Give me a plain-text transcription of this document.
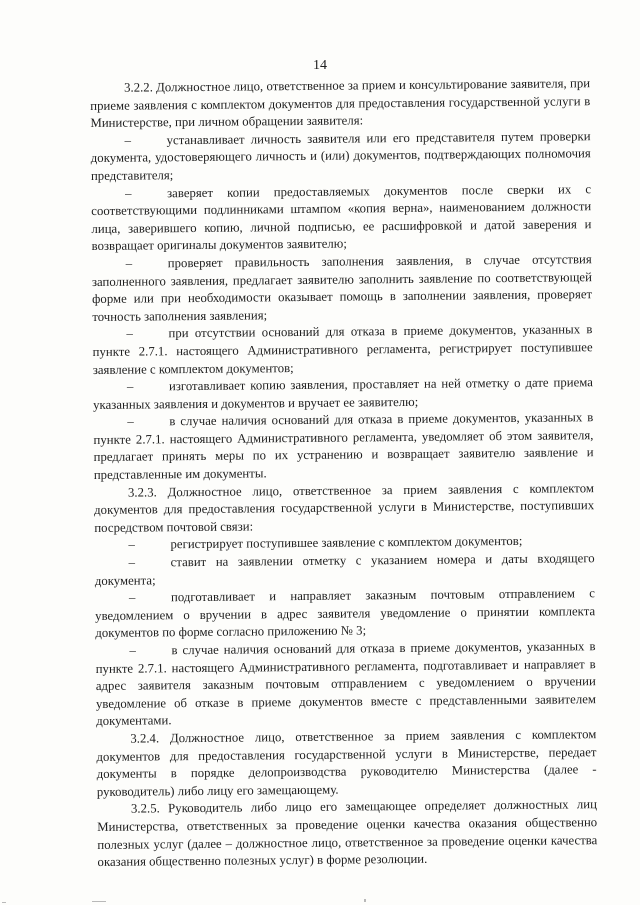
14

3.2.2. Должностное лицо, ответственное за прием и консультирование заявителя, при приеме заявления с комплектом документов для предоставления государственной услуги в Министерстве, при личном обращении заявителя:

–	устанавливает личность заявителя или его представителя путем проверки документа, удостоверяющего личность и (или) документов, подтверждающих полномочия представителя;

–	заверяет копии предоставляемых документов после сверки их с соответствующими подлинниками штампом «копия верна», наименованием должности лица, заверившего копию, личной подписью, ее расшифровкой и датой заверения и возвращает оригиналы документов заявителю;

–	проверяет правильность заполнения заявления, в случае отсутствия заполненного заявления, предлагает заявителю заполнить заявление по соответствующей форме или при необходимости оказывает помощь в заполнении заявления, проверяет точность заполнения заявления;

–	при отсутствии оснований для отказа в приеме документов, указанных в пункте 2.7.1. настоящего Административного регламента, регистрирует поступившее заявление с комплектом документов;

–	изготавливает копию заявления, проставляет на ней отметку о дате приема указанных заявления и документов и вручает ее заявителю;

–	в случае наличия оснований для отказа в приеме документов, указанных в пункте 2.7.1. настоящего Административного регламента, уведомляет об этом заявителя, предлагает принять меры по их устранению и возвращает заявителю заявление и представленные им документы.

3.2.3. Должностное лицо, ответственное за прием заявления с комплектом документов для предоставления государственной услуги в Министерстве, поступивших посредством почтовой связи:

–	регистрирует поступившее заявление с комплектом документов;

–	ставит на заявлении отметку с указанием номера и даты входящего документа;

–	подготавливает и направляет заказным почтовым отправлением с уведомлением о вручении в адрес заявителя уведомление о принятии комплекта документов по форме согласно приложению № 3;

–	в случае наличия оснований для отказа в приеме документов, указанных в пункте 2.7.1. настоящего Административного регламента, подготавливает и направляет в адрес заявителя заказным почтовым отправлением с уведомлением о вручении уведомление об отказе в приеме документов вместе с представленными заявителем документами.

3.2.4. Должностное лицо, ответственное за прием заявления с комплектом документов для предоставления государственной услуги в Министерстве, передает документы в порядке делопроизводства руководителю Министерства (далее - руководитель) либо лицу его замещающему.

3.2.5. Руководитель либо лицо его замещающее определяет должностных лиц Министерства, ответственных за проведение оценки качества оказания общественно полезных услуг (далее – должностное лицо, ответственное за проведение оценки качества оказания общественно полезных услуг) в форме резолюции.
